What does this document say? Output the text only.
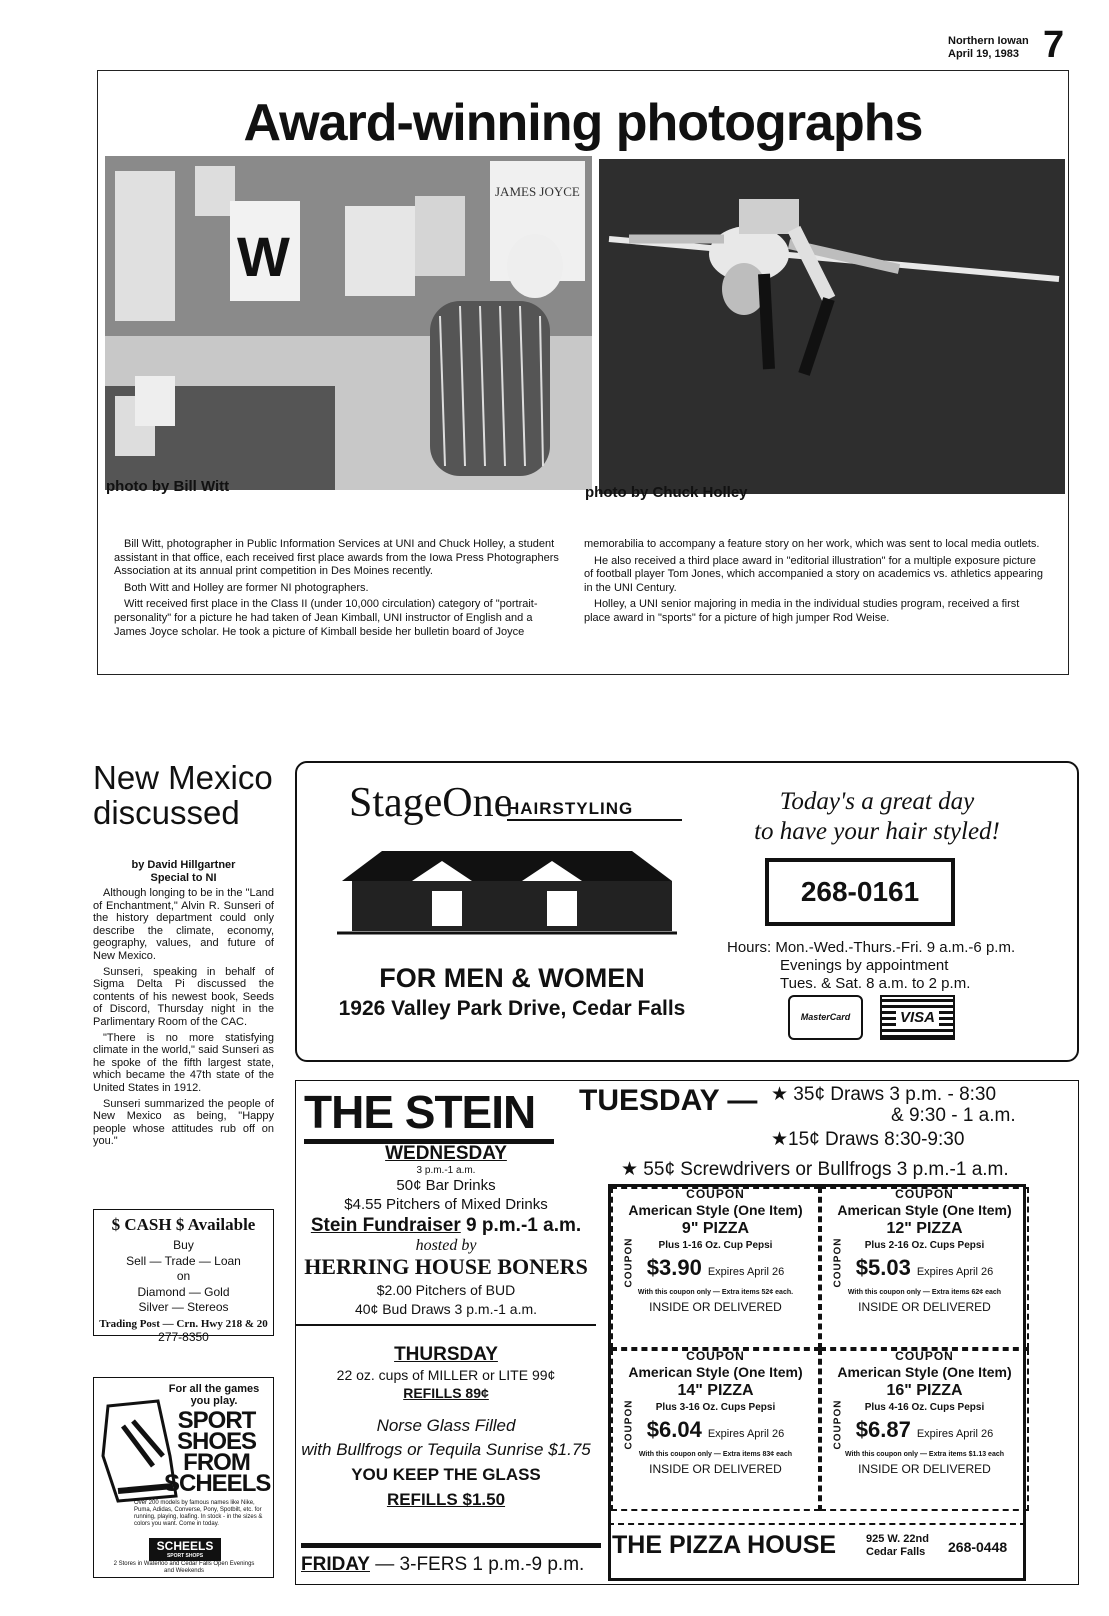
Northern Iowan
April 19, 1983 7
Award-winning photographs
W
JAMES JOYCE
photo by Bill Witt	photo by Chuck Holley

Bill Witt, photographer in Public Information Services at UNI and Chuck Holley, a student assistant in that office, each received first place awards from the Iowa Press Photographers Association at its annual print competition in Des Moines recently.

Both Witt and Holley are former NI photographers.

Witt received first place in the Class II (under 10,000 circulation) category of "portrait-personality" for a picture he had taken of Jean Kimball, UNI instructor of English and a James Joyce scholar. He took a picture of Kimball beside her bulletin board of Joyce

memorabilia to accompany a feature story on her work, which was sent to local media outlets.

He also received a third place award in "editorial illustration" for a multiple exposure picture of football player Tom Jones, which accompanied a story on academics vs. athletics appearing in the UNI Century.

Holley, a UNI senior majoring in media in the individual studies program, received a first place award in "sports" for a picture of high jumper Rod Weise.

New Mexico
discussed
by David Hillgartner
Special to NI

Although longing to be in the "Land of Enchantment," Alvin R. Sunseri of the history department could only describe the climate, economy, geography, values, and future of New Mexico.

Sunseri, speaking in behalf of Sigma Delta Pi discussed the contents of his newest book, Seeds of Discord, Thursday night in the Parlimentary Room of the CAC.

"There is no more statisfying climate in the world," said Sunseri as he spoke of the fifth largest state, which became the 47th state of the United States in 1912.

Sunseri summarized the people of New Mexico as being, "Happy people whose attitudes rub off on you."

$ CASH $ Available
Buy
Sell — Trade — Loan
on
Diamond — Gold
Silver — Stereos
Trading Post — Crn. Hwy 218 & 20
277-8350
For all the games you play.
SPORT
SHOES
FROM
SCHEELS
Over 200 models by famous names like Nike, Puma, Adidas, Converse, Pony, Spotbilt, etc. for running, playing, loafing. In stock - in the sizes & colors you want. Come in today.
SCHEELS
SPORT SHOPS
2 Stores in Waterloo and Cedar Falls Open Evenings and Weekends
StageOne
HAIRSTYLING
FOR MEN & WOMEN
1926 Valley Park Drive, Cedar Falls
Today's a great day
to have your hair styled!
268-0161
Hours: Mon.-Wed.-Thurs.-Fri. 9 a.m.-6 p.m.
Evenings by appointment
Tues. & Sat. 8 a.m. to 2 p.m.
MasterCard	VISA
THE STEIN
WEDNESDAY
3 p.m.-1 a.m.
50¢ Bar Drinks
$4.55 Pitchers of Mixed Drinks
Stein Fundraiser 9 p.m.-1 a.m.
hosted by
HERRING HOUSE BONERS
$2.00 Pitchers of BUD
40¢ Bud Draws 3 p.m.-1 a.m.
THURSDAY
22 oz. cups of MILLER or LITE 99¢
REFILLS 89¢
Norse Glass Filled
with Bullfrogs or Tequila Sunrise $1.75
YOU KEEP THE GLASS
REFILLS $1.50
FRIDAY — 3-FERS 1 p.m.-9 p.m.
TUESDAY — ★ 35¢ Draws 3 p.m. - 8:30
& 9:30 - 1 a.m.
★15¢ Draws 8:30-9:30
★ 55¢ Screwdrivers or Bullfrogs 3 p.m.-1 a.m.
COUPON
American Style (One Item)
9" PIZZA
Plus 1-16 Oz. Cup Pepsi
$3.90 Expires April 26
With this coupon only — Extra items 52¢ each.
INSIDE OR DELIVERED
COUPON
COUPON
American Style (One Item)
12" PIZZA
Plus 2-16 Oz. Cups Pepsi
$5.03 Expires April 26
With this coupon only — Extra items 62¢ each
INSIDE OR DELIVERED
COUPON
COUPON
American Style (One Item)
14" PIZZA
Plus 3-16 Oz. Cups Pepsi
$6.04 Expires April 26
With this coupon only — Extra items 83¢ each
INSIDE OR DELIVERED
COUPON
COUPON
American Style (One Item)
16" PIZZA
Plus 4-16 Oz. Cups Pepsi
$6.87 Expires April 26
With this coupon only — Extra items $1.13 each
INSIDE OR DELIVERED
COUPON
THE PIZZA HOUSE	925 W. 22nd
Cedar Falls 268-0448
